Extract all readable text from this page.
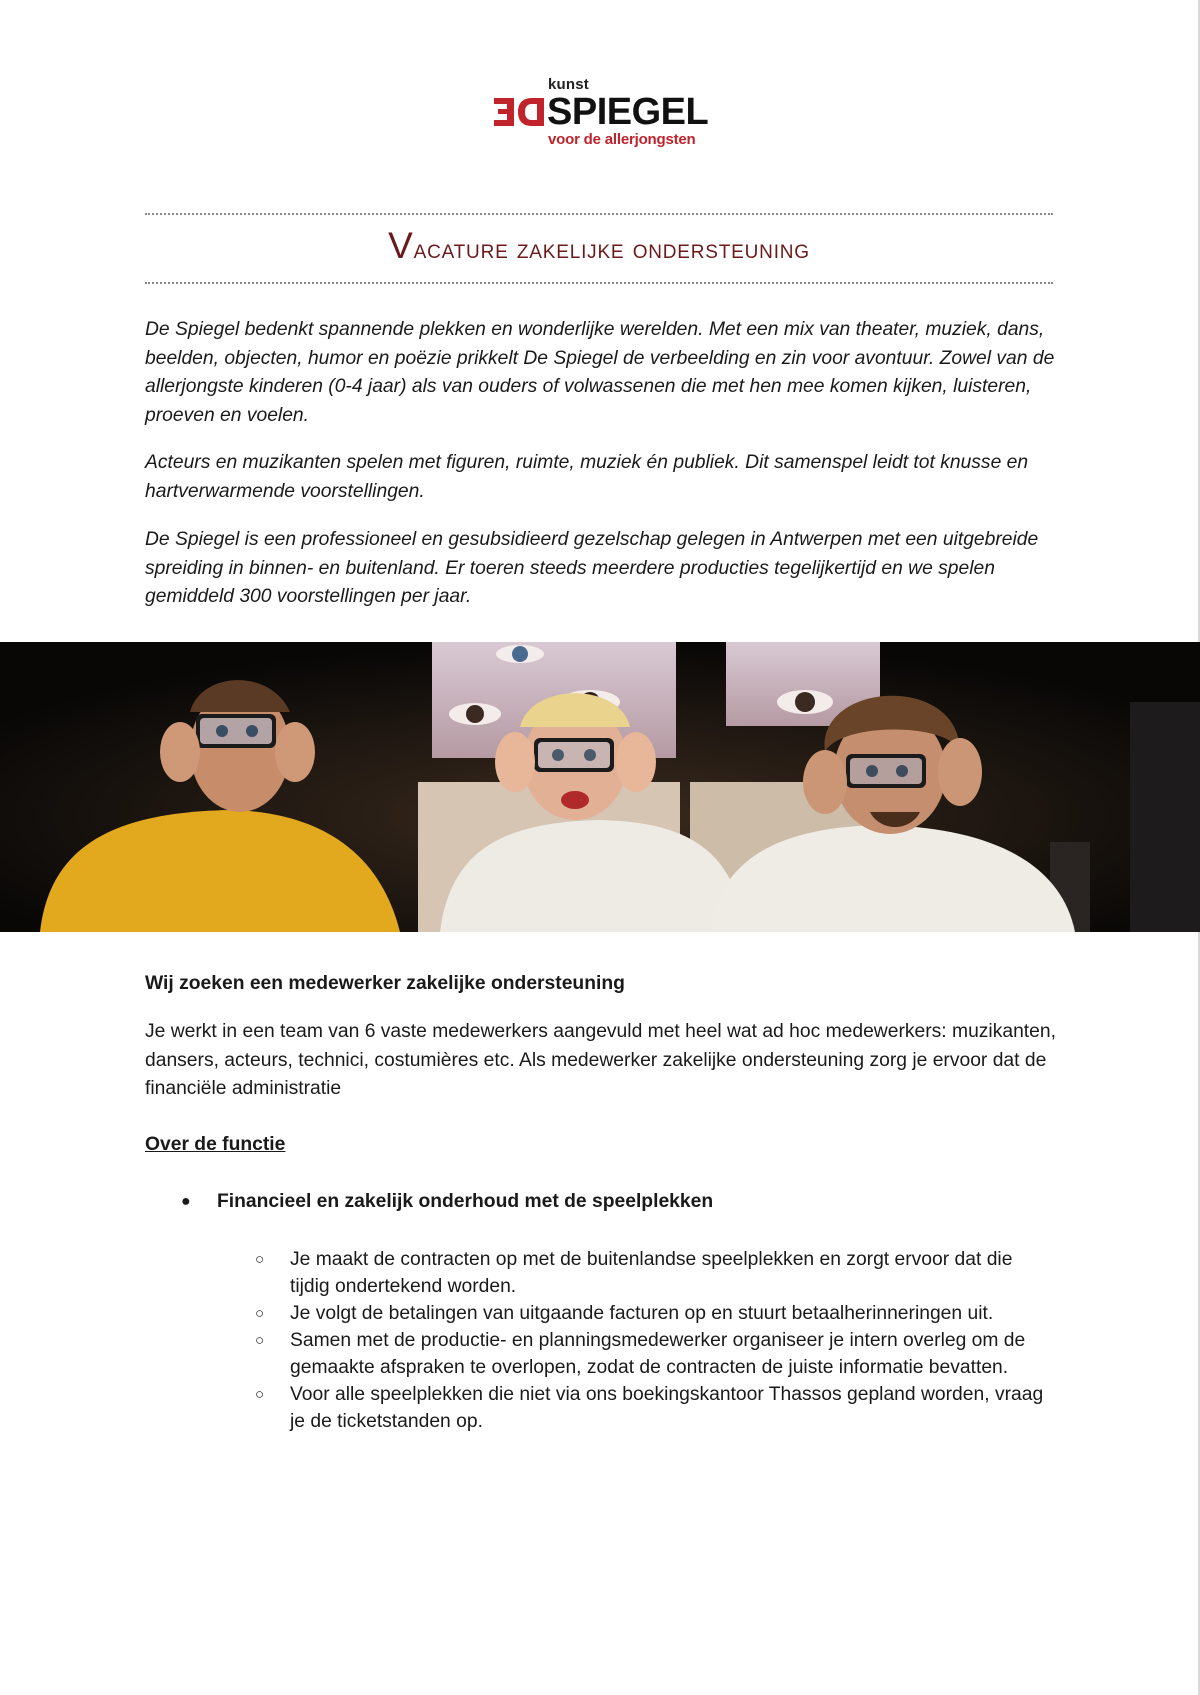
kunst
SPIEGEL
voor de allerjongsten
Vacature zakelijke ondersteuning

De Spiegel bedenkt spannende plekken en wonderlijke werelden. Met een mix van theater, muziek, dans, beelden, objecten, humor en poëzie prikkelt De Spiegel de verbeelding en zin voor avontuur. Zowel van de allerjongste kinderen (0-4 jaar) als van ouders of volwassenen die met hen mee komen kijken, luisteren, proeven en voelen.

Acteurs en muzikanten spelen met figuren, ruimte, muziek én publiek. Dit samenspel leidt tot knusse en hartverwarmende voorstellingen.

De Spiegel is een professioneel en gesubsidieerd gezelschap gelegen in Antwerpen met een uitgebreide spreiding in binnen- en buitenland. Er toeren steeds meerdere producties tegelijkertijd en we spelen gemiddeld 300 voorstellingen per jaar.

Wij zoeken een medewerker zakelijke ondersteuning

Je werkt in een team van 6 vaste medewerkers aangevuld met heel wat ad hoc medewerkers: muzikanten, dansers, acteurs, technici, costumières etc. Als medewerker zakelijke ondersteuning zorg je ervoor dat de financiële administratie

Over de functie

● Financieel en zakelijk onderhoud met de speelplekken
○ Je maakt de contracten op met de buitenlandse speelplekken en zorgt ervoor dat die tijdig ondertekend worden.
○ Je volgt de betalingen van uitgaande facturen op en stuurt betaalherinneringen uit.
○ Samen met de productie- en planningsmedewerker organiseer je intern overleg om de gemaakte afspraken te overlopen, zodat de contracten de juiste informatie bevatten.
○ Voor alle speelplekken die niet via ons boekingskantoor Thassos gepland worden, vraag je de ticketstanden op.
